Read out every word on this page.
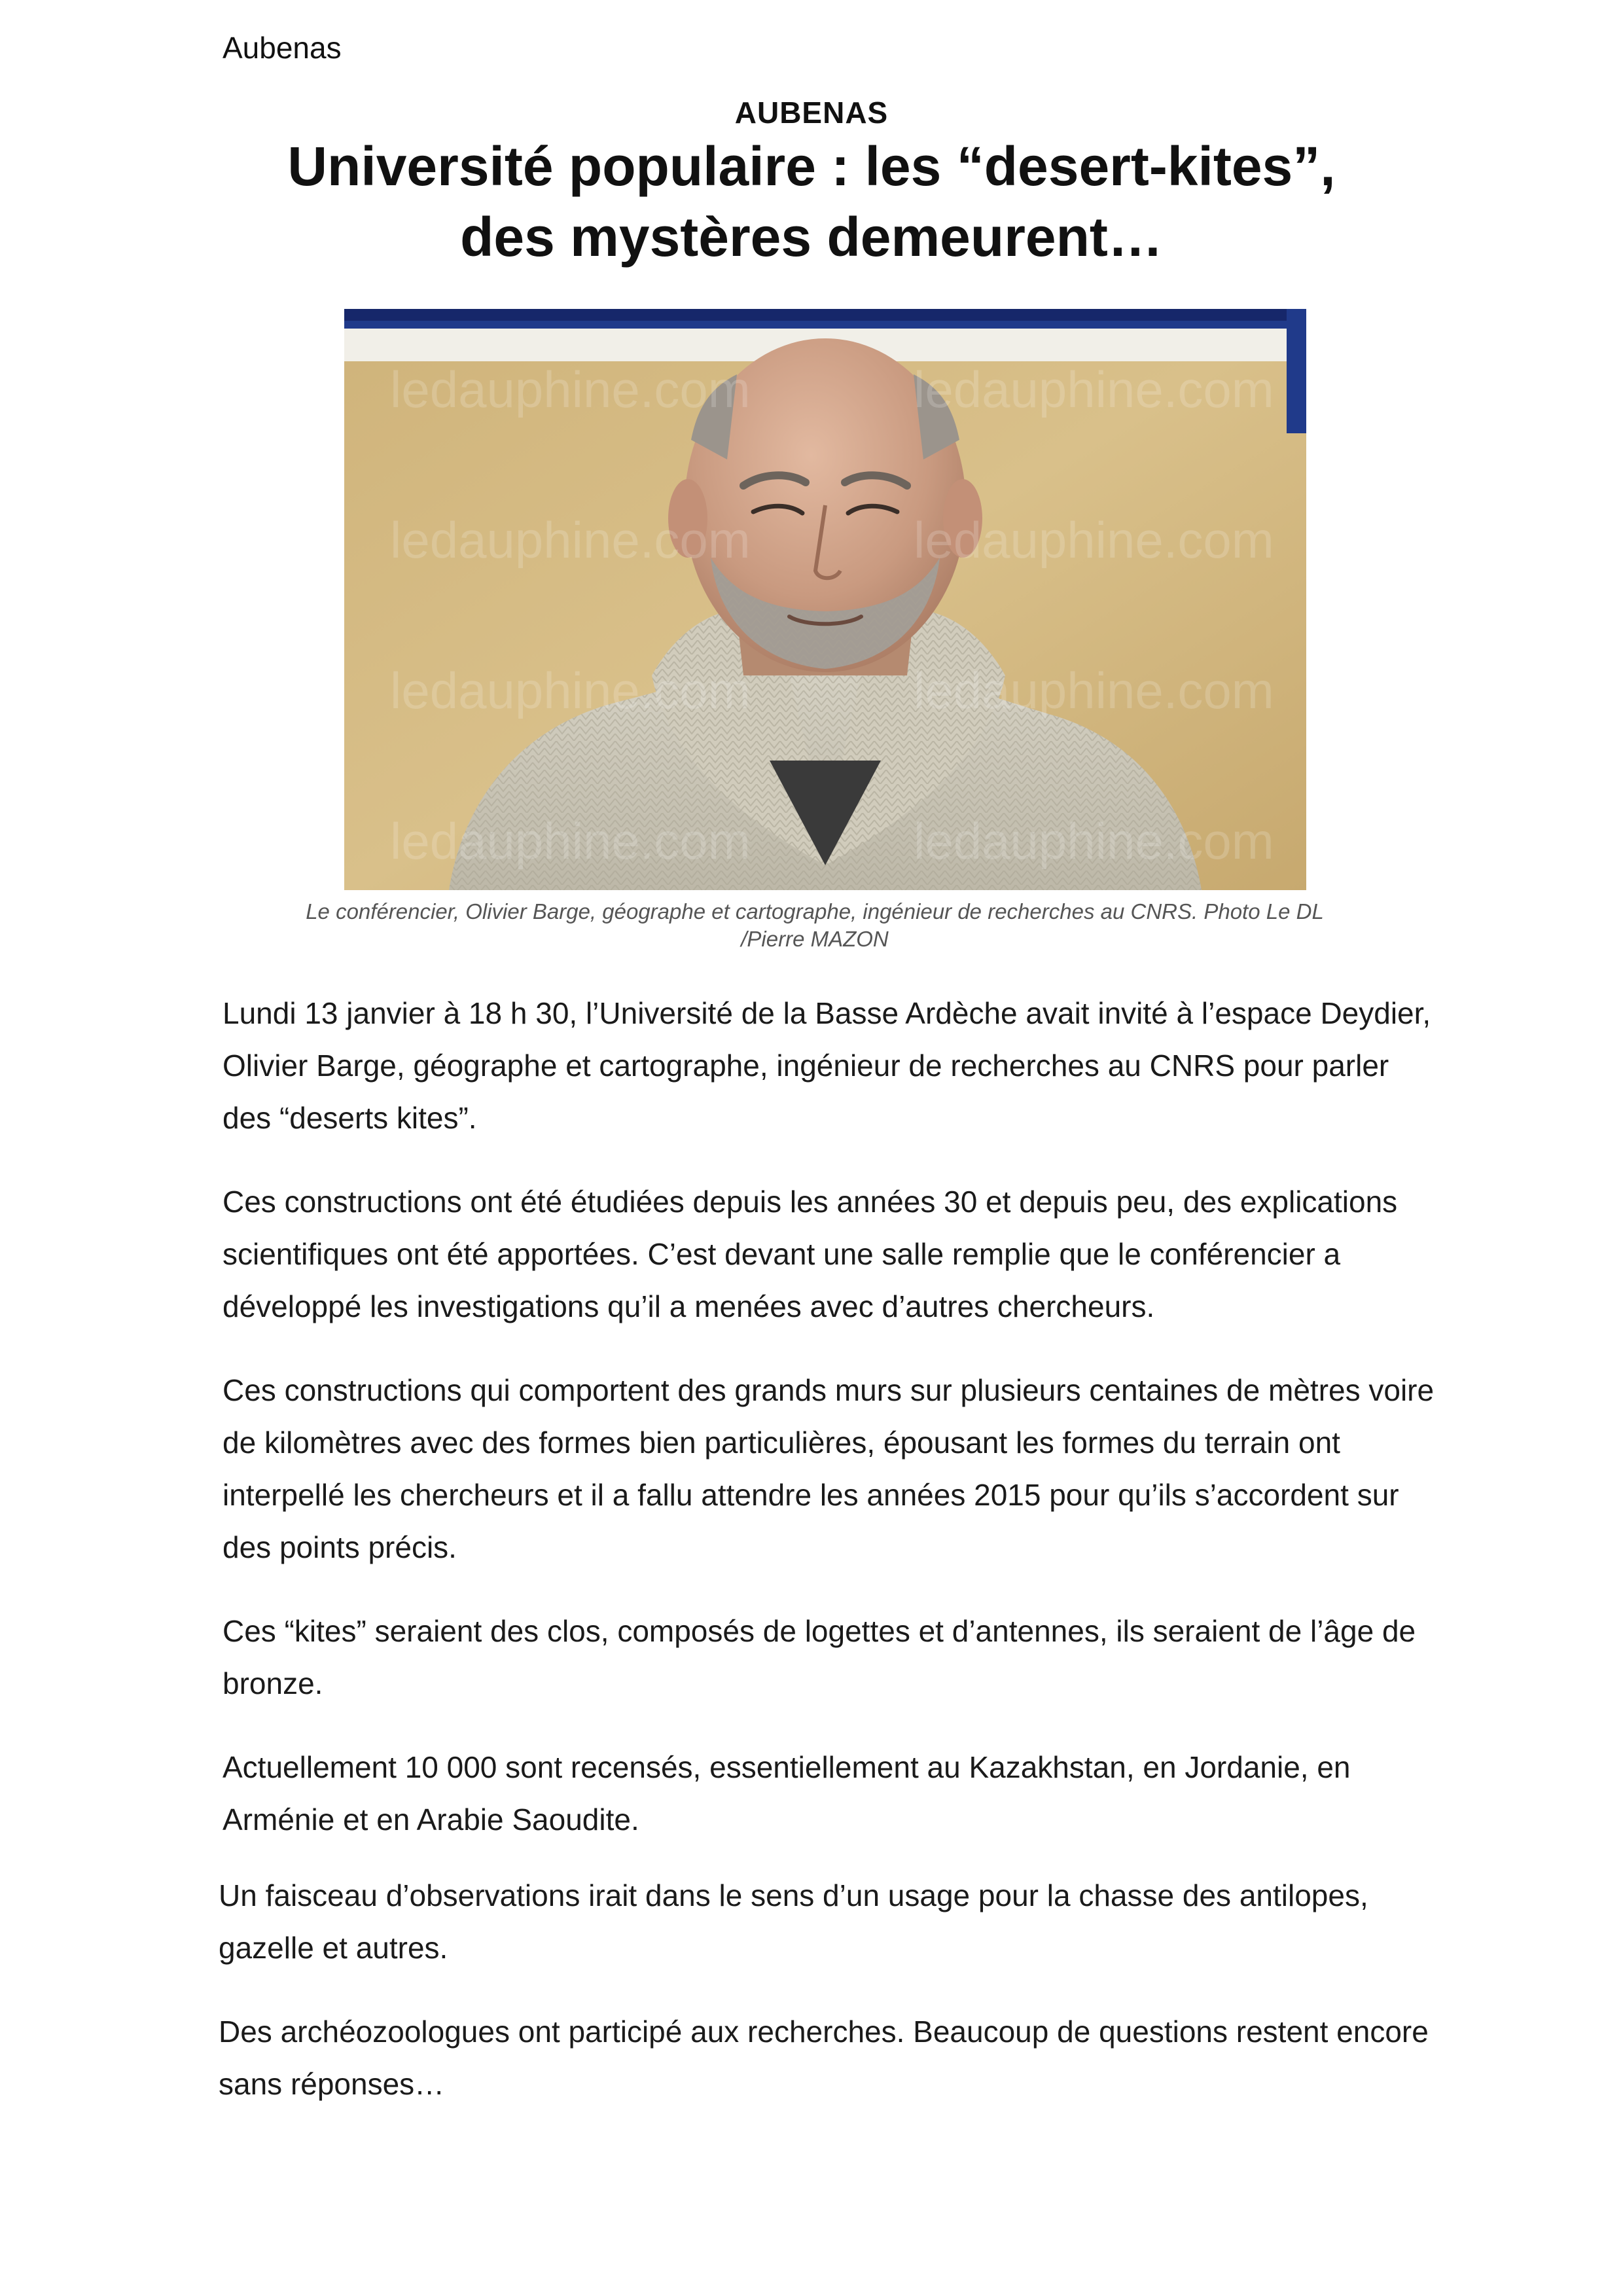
Aubenas
AUBENAS
Université populaire : les “desert-kites”,
des mystères demeurent…
ledauphine.com	ledauphine.com
ledauphine.com	ledauphine.com
ledauphine.com	ledauphine.com
ledauphine.com	ledauphine.com
Le conférencier, Olivier Barge, géographe et cartographe, ingénieur de recherches au CNRS. Photo Le DL
/Pierre MAZON

Lundi 13 janvier à 18 h 30, l’Université de la Basse Ardèche avait invité à l’espace Deydier, Olivier Barge, géographe et cartographe, ingénieur de recherches au CNRS pour parler des “deserts kites”.

Ces constructions ont été étudiées depuis les années 30 et depuis peu, des explications scientifiques ont été apportées. C’est devant une salle remplie que le conférencier a développé les investigations qu’il a menées avec d’autres chercheurs.

Ces constructions qui comportent des grands murs sur plusieurs centaines de mètres voire de kilomètres avec des formes bien particulières, épousant les formes du terrain ont interpellé les chercheurs et il a fallu attendre les années 2015 pour qu’ils s’accordent sur des points précis.

Ces “kites” seraient des clos, composés de logettes et d’antennes, ils seraient de l’âge de bronze.

Actuellement 10 000 sont recensés, essentiellement au Kazakhstan, en Jordanie, en Arménie et en Arabie Saoudite.

Un faisceau d’observations irait dans le sens d’un usage pour la chasse des antilopes, gazelle et autres.

Des archéozoologues ont participé aux recherches. Beaucoup de questions restent encore sans réponses…
